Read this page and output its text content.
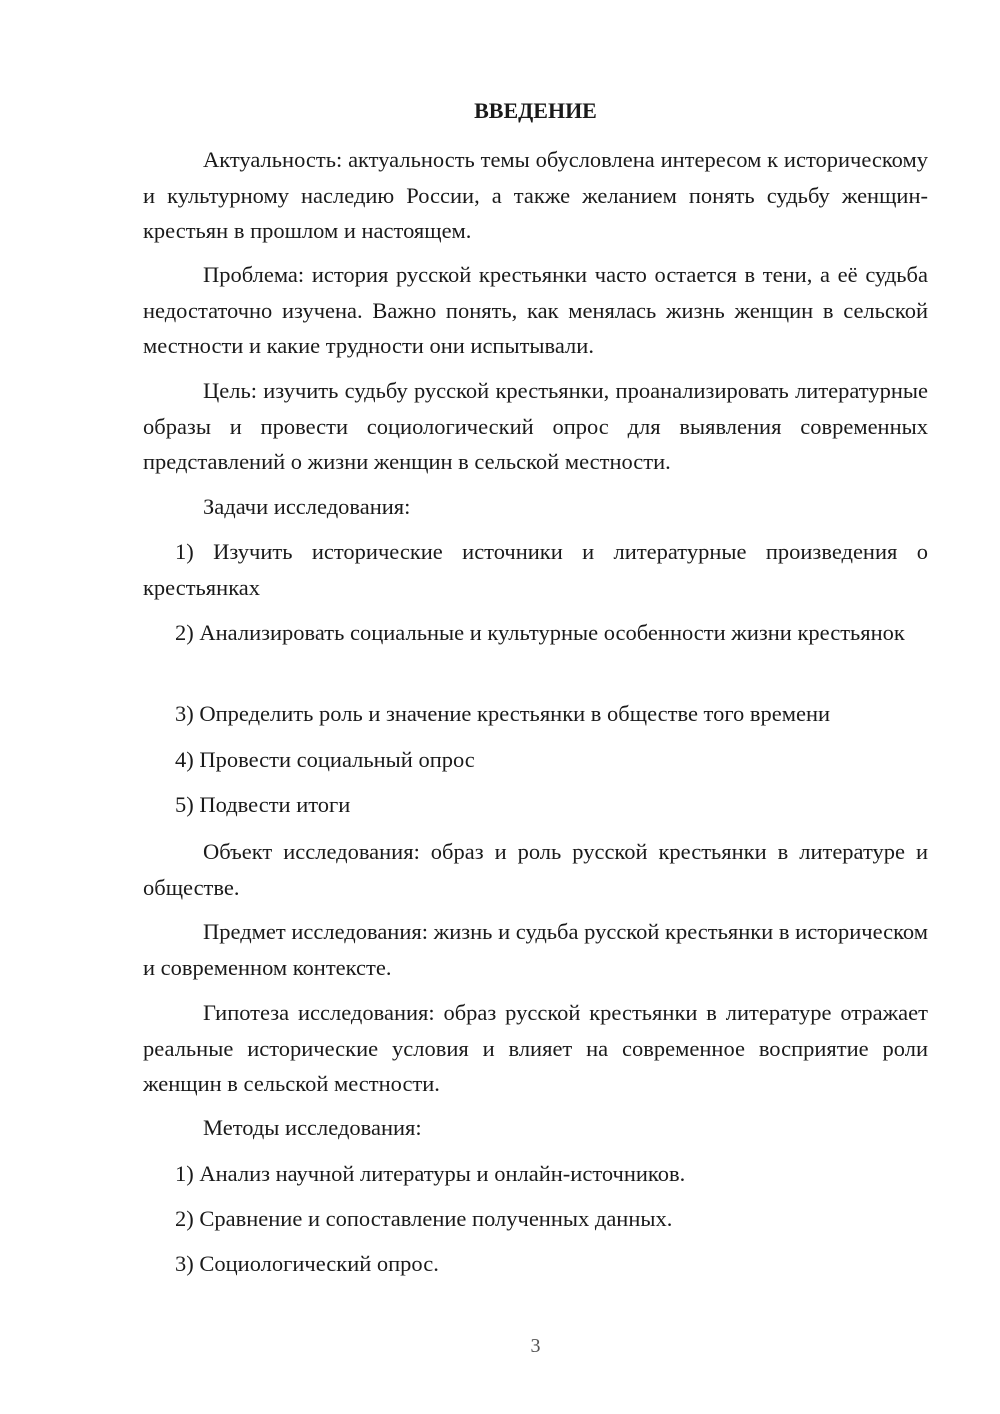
ВВЕДЕНИЕ

Актуальность: актуальность темы обусловлена интересом к историческому и культурному наследию России, а также желанием понять судьбу женщин-крестьян в прошлом и настоящем.

Проблема: история русской крестьянки часто остается в тени, а её судьба недостаточно изучена. Важно понять, как менялась жизнь женщин в сельской местности и какие трудности они испытывали.

Цель: изучить судьбу русской крестьянки, проанализировать литературные образы и провести социологический опрос для выявления современных представлений о жизни женщин в сельской местности.

Задачи исследования:

1) Изучить исторические источники и литературные произведения о крестьянках

2) Анализировать социальные и культурные особенности жизни крестьянок

3) Определить роль и значение крестьянки в обществе того времени

4) Провести социальный опрос

5) Подвести итоги

Объект исследования: образ и роль русской крестьянки в литературе и обществе.

Предмет исследования: жизнь и судьба русской крестьянки в историческом и современном контексте.

Гипотеза исследования: образ русской крестьянки в литературе отражает реальные исторические условия и влияет на современное восприятие роли женщин в сельской местности.

Методы исследования:

1) Анализ научной литературы и онлайн-источников.

2) Сравнение и сопоставление полученных данных.

3) Социологический опрос.

3
